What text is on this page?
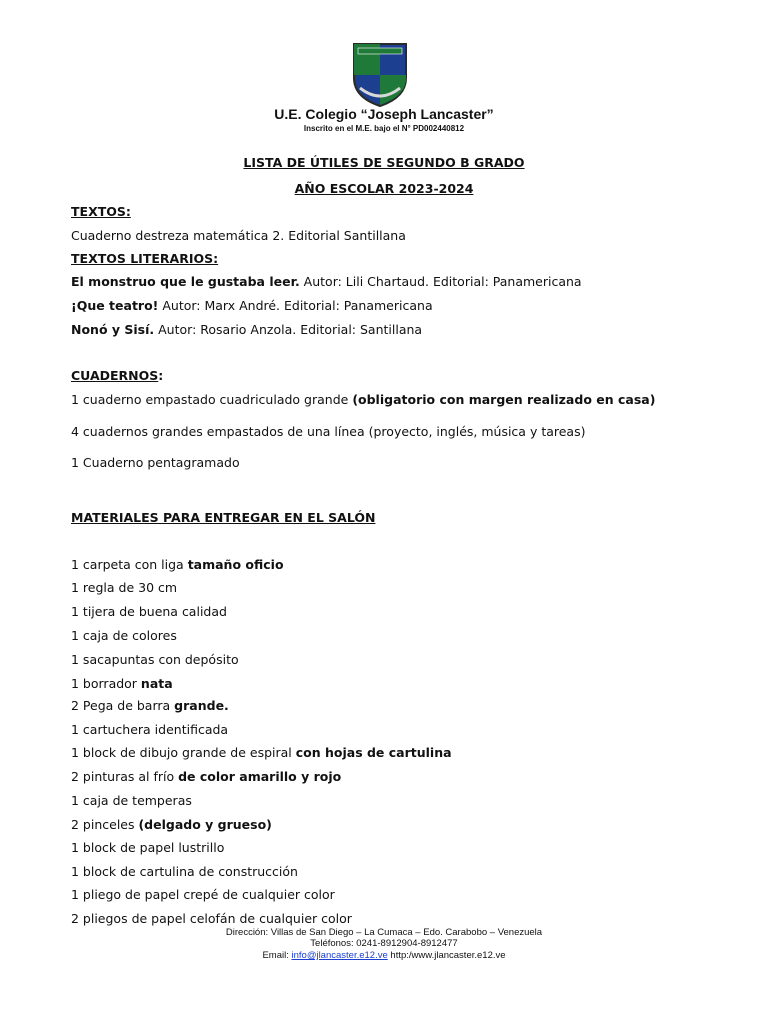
U.E. Colegio “Joseph Lancaster”
Inscrito en el M.E. bajo el N° PD002440812
LISTA DE ÚTILES DE SEGUNDO B GRADO
AÑO ESCOLAR 2023-2024
TEXTOS:
Cuaderno destreza matemática 2. Editorial Santillana
TEXTOS LITERARIOS:
El monstruo que le gustaba leer. Autor: Lili Chartaud. Editorial: Panamericana
¡Que teatro! Autor: Marx André. Editorial: Panamericana
Nonó y Sisí. Autor: Rosario Anzola. Editorial: Santillana
CUADERNOS:
1 cuaderno empastado cuadriculado grande (obligatorio con margen realizado en casa)
4 cuadernos grandes empastados de una línea (proyecto, inglés, música y tareas)
1 Cuaderno pentagramado
MATERIALES PARA ENTREGAR EN EL SALÓN
1 carpeta con liga tamaño oficio
1 regla de 30 cm
1 tijera de buena calidad
1 caja de colores
1 sacapuntas con depósito
1 borrador nata
2 Pega de barra grande.
1 cartuchera identificada
1 block de dibujo grande de espiral con hojas de cartulina
2 pinturas al frío de color amarillo y rojo
1 caja de temperas
2 pinceles (delgado y grueso)
1 block de papel lustrillo
1 block de cartulina de construcción
1 pliego de papel crepé de cualquier color
2 pliegos de papel celofán de cualquier color
Dirección: Villas de San Diego – La Cumaca – Edo. Carabobo – Venezuela
Teléfonos: 0241-8912904-8912477
Email: info@jlancaster.e12.ve http:/www.jlancaster.e12.ve
